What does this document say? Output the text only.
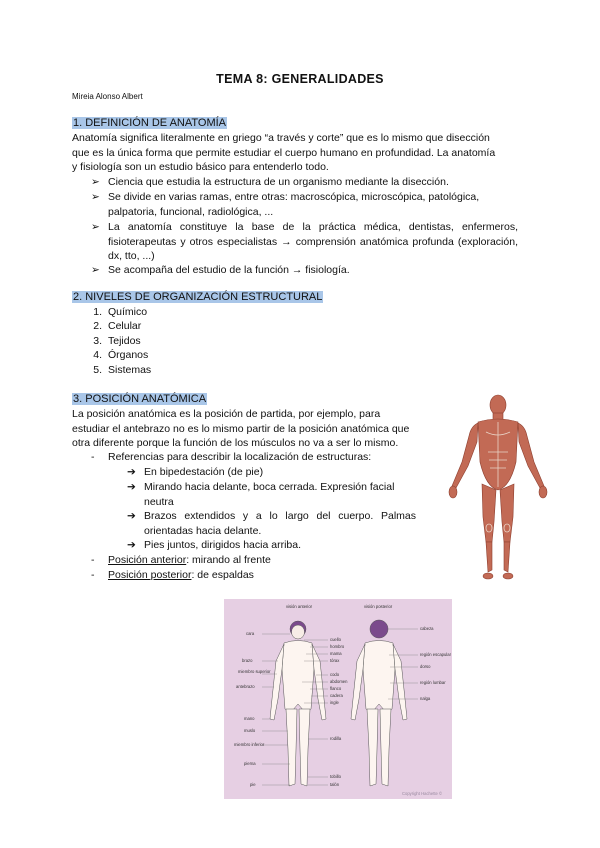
TEMA 8: GENERALIDADES
Mireia Alonso Albert
1. DEFINICIÓN DE ANATOMÍA
Anatomía significa literalmente en griego “a través y corte” que es lo mismo que disección
que es la única forma que permite estudiar el cuerpo humano en profundidad. La anatomía
y fisiología son un estudio básico para entenderlo todo.
➢ Ciencia que estudia la estructura de un organismo mediante la disección.
➢ Se divide en varias ramas, entre otras: macroscópica, microscópica, patológica, palpatoria, funcional, radiológica, ...
➢ La anatomía constituye la base de la práctica médica, dentistas, enfermeros, fisioterapeutas y otros especialistas → comprensión anatómica profunda (exploración, dx, tto, ...)
➢ Se acompaña del estudio de la función → fisiología.
2. NIVELES DE ORGANIZACIÓN ESTRUCTURAL
1. Químico
2. Celular
3. Tejidos
4. Órganos
5. Sistemas
3. POSICIÓN ANATÓMICA
La posición anatómica es la posición de partida, por ejemplo, para
estudiar el antebrazo no es lo mismo partir de la posición anatómica que
otra diferente porque la función de los músculos no va a ser lo mismo.
- Referencias para describir la localización de estructuras:
➔ En bipedestación (de pie)
➔ Mirando hacia delante, boca cerrada. Expresión facial neutra
➔ Brazos extendidos y a lo largo del cuerpo. Palmas orientadas hacia delante.
➔ Pies juntos, dirigidos hacia arriba.
- Posición anterior: mirando al frente
- Posición posterior: de espaldas
visión anterior	visión posterior
cara
brazo
miembro superior
antebrazo
mano
muslo
miembro inferior
pierna
pie
cuello
hombro
mama
tórax
codo
abdomen
flanco
cadera
ingle
rodilla
tobillo
talón
cabeza
región escapular
dorso
región lumbar
nalga
Copyright Hachette ©
